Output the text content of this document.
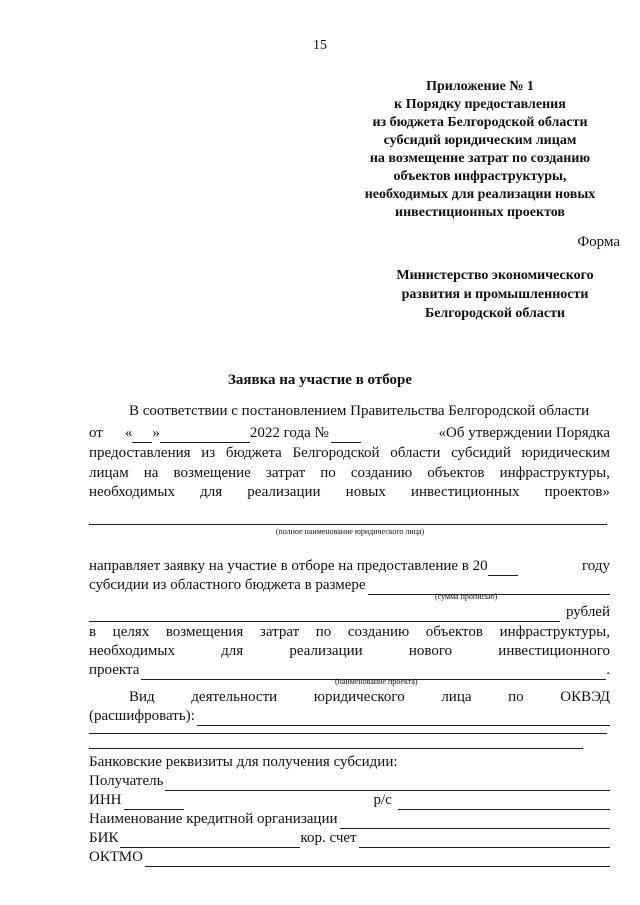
15
Приложение № 1
к Порядку предоставления
из бюджета Белгородской области
субсидий юридическим лицам
на возмещение затрат по созданию
объектов инфраструктуры,
необходимых для реализации новых
инвестиционных проектов
Форма
Министерство экономического
развития и промышленности
Белгородской области
Заявка на участие в отборе
В соответствии с постановлением Правительства Белгородской области
от « »	2022 года №	«Об утверждении Порядка
предоставления из бюджета Белгородской области субсидий юридическим
лицам на возмещение затрат по созданию объектов инфраструктуры,
необходимых для реализации новых инвестиционных проектов»
(полное наименование юридического лица)
направляет заявку на участие в отборе на предоставление в 20	году
субсидии из областного бюджета в размере
(сумма прописью)
рублей
в целях возмещения затрат по созданию объектов инфраструктуры,
необходимых для реализации нового инвестиционного
проекта	.
(наименование проекта)
Вид деятельности юридического лица по ОКВЭД
(расшифровать):
Банковские реквизиты для получения субсидии:
Получатель
ИНН	р/с
Наименование кредитной организации
БИК	кор. счет
ОКТМО
